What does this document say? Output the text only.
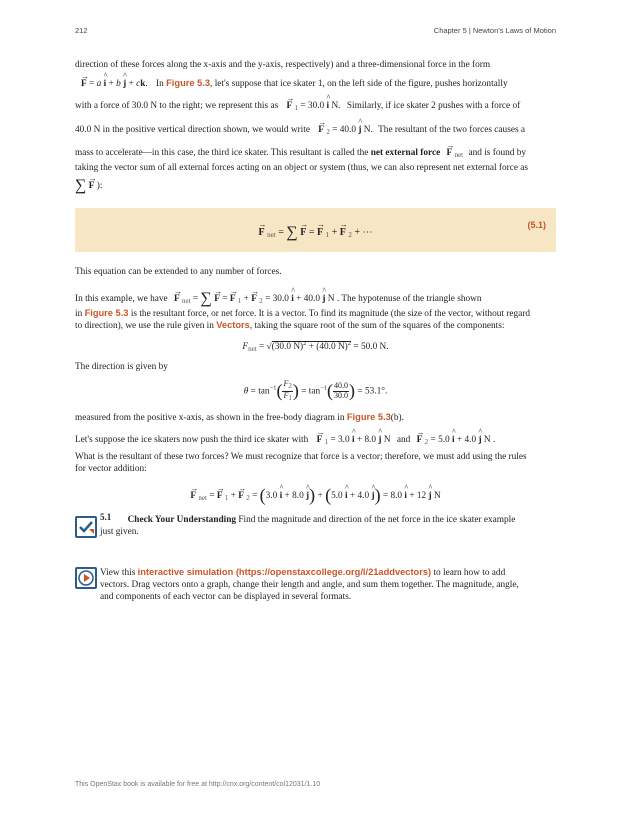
212	Chapter 5 | Newton's Laws of Motion
direction of these forces along the x-axis and the y-axis, respectively) and a three-dimensional force in the form
→ F = a ^ i + b ^ j + ck. In Figure 5.3, let's suppose that ice skater 1, on the left side of the figure, pushes horizontally
with a force of 30.0 N to the right; we represent this as → F $_1$ = 30.0 ^ i N. Similarly, if ice skater 2 pushes with a force of
40.0 N in the positive vertical direction shown, we would write → F $_2$ = 40.0 ^ j N. The resultant of the two forces causes a
mass to accelerate—in this case, the third ice skater. This resultant is called the net external force → F $_{net}$ and is found by
taking the vector sum of all external forces acting on an object or system (thus, we can also represent net external force as
∑ → F ):
→ F $_{net}$ = ∑ → F = → F $_1$ + → F $_2$ + ⋯
(5.1)
This equation can be extended to any number of forces.
In this example, we have → F $_{net}$ = ∑ → F = → F $_1$ + → F $_2$ = 30.0 ^ i + 40.0 ^ j N . The hypotenuse of the triangle shown
in Figure 5.3 is the resultant force, or net force. It is a vector. To find its magnitude (the size of the vector, without regard
to direction), we use the rule given in Vectors, taking the square root of the sum of the squares of the components:
$F_{net} = √(30.0$ N)$^2$ + (40.0 N)$^2$ = 50.0 N.
The direction is given by
$\theta = \tan^{-1}( \frac{F2}{F1}$ ) = $\tan^{-1}( \frac{40.0}{30.0}$ ) = 53.1°.
measured from the positive x-axis, as shown in the free-body diagram in Figure 5.3(b).
Let's suppose the ice skaters now push the third ice skater with → F $_1$ = 3.0 ^ i + 8.0 ^ j N and → F $_2$ = 5.0 ^ i + 4.0 ^ j N .
What is the resultant of these two forces? We must recognize that force is a vector; therefore, we must add using the rules
for vector addition:
→ F $_{net}$ = → F $_1$ + → F $_2$ = (3.0 ^ i + 8.0 ^ j) + (5.0 ^ i + 4.0 ^ j) = 8.0 ^ i + 12 ^ j N
5.1 Check Your Understanding Find the magnitude and direction of the net force in the ice skater example
just given.
View this interactive simulation (https://openstaxcollege.org/l/21addvectors) to learn how to add
vectors. Drag vectors onto a graph, change their length and angle, and sum them together. The magnitude, angle,
and components of each vector can be displayed in several formats.
This OpenStax book is available for free at http://cnx.org/content/col12031/1.10
